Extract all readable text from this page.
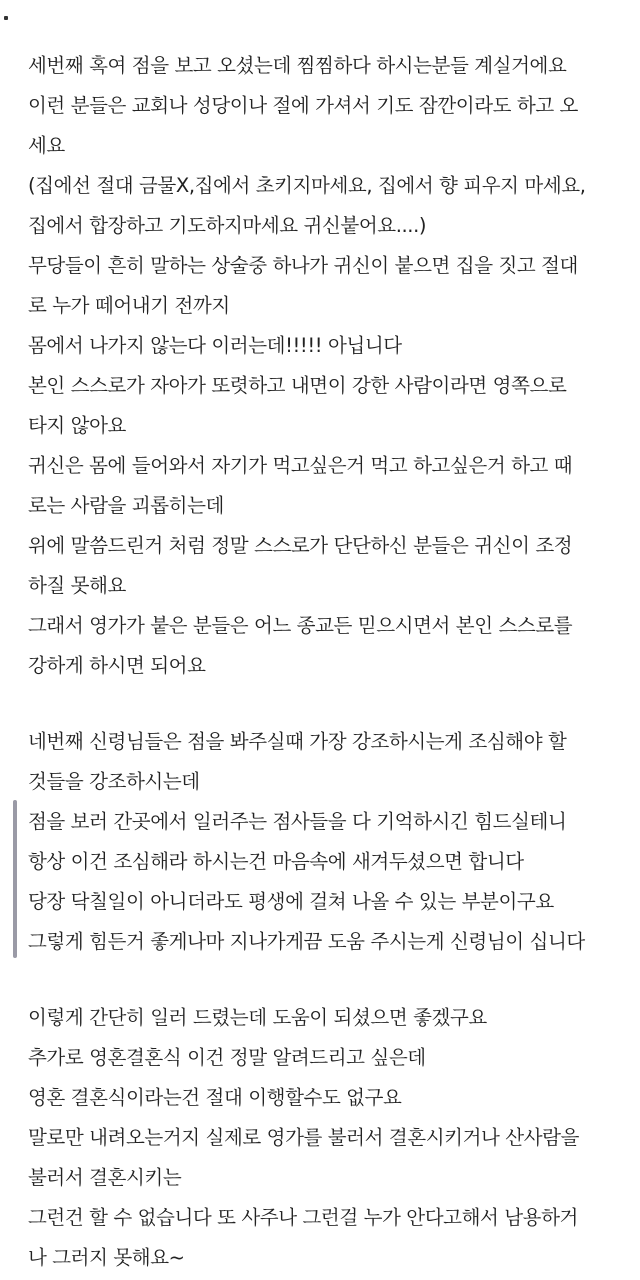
세번째 혹여 점을 보고 오셨는데 찜찜하다 하시는분들 계실거에요
이런 분들은 교회나 성당이나 절에 가셔서 기도 잠깐이라도 하고 오
세요
(집에선 절대 금물X,집에서 초키지마세요, 집에서 향 피우지 마세요,
집에서 합장하고 기도하지마세요 귀신붙어요....)
무당들이 흔히 말하는 상술중 하나가 귀신이 붙으면 집을 짓고 절대
로 누가 떼어내기 전까지
몸에서 나가지 않는다 이러는데!!!!! 아닙니다
본인 스스로가 자아가 또렷하고 내면이 강한 사람이라면 영쪽으로
타지 않아요
귀신은 몸에 들어와서 자기가 먹고싶은거 먹고 하고싶은거 하고 때
로는 사람을 괴롭히는데
위에 말씀드린거 처럼 정말 스스로가 단단하신 분들은 귀신이 조정
하질 못해요
그래서 영가가 붙은 분들은 어느 종교든 믿으시면서 본인 스스로를
강하게 하시면 되어요
네번째 신령님들은 점을 봐주실때 가장 강조하시는게 조심해야 할
것들을 강조하시는데
점을 보러 간곳에서 일러주는 점사들을 다 기억하시긴 힘드실테니
항상 이건 조심해라 하시는건 마음속에 새겨두셨으면 합니다
당장 닥칠일이 아니더라도 평생에 걸쳐 나올 수 있는 부분이구요
그렇게 힘든거 좋게나마 지나가게끔 도움 주시는게 신령님이 십니다
이렇게 간단히 일러 드렸는데 도움이 되셨으면 좋겠구요
추가로 영혼결혼식 이건 정말 알려드리고 싶은데
영혼 결혼식이라는건 절대 이행할수도 없구요
말로만 내려오는거지 실제로 영가를 불러서 결혼시키거나 산사람을
불러서 결혼시키는
그런건 할 수 없습니다 또 사주나 그런걸 누가 안다고해서 남용하거
나 그러지 못해요~
